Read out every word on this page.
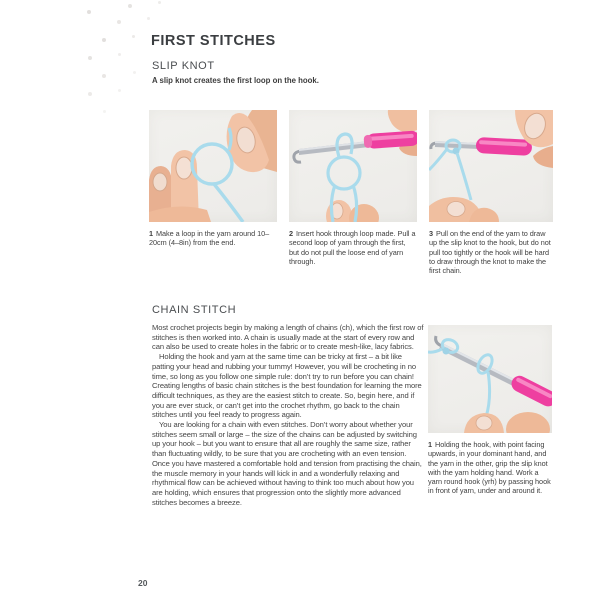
FIRST STITCHES
SLIP KNOT

A slip knot creates the first loop on the hook.

1 Make a loop in the yarn around 10–20cm (4–8in) from the end.
2 Insert hook through loop made. Pull a second loop of yarn through the first, but do not pull the loose end of yarn through.
3 Pull on the end of the yarn to draw up the slip knot to the hook, but do not pull too tightly or the hook will be hard to draw through the knot to make the first chain.
CHAIN STITCH

Most crochet projects begin by making a length of chains (ch), which the first row of stitches is then worked into. A chain is usually made at the start of every row and can also be used to create holes in the fabric or to create mesh-like, lacy fabrics.

Holding the hook and yarn at the same time can be tricky at first – a bit like patting your head and rubbing your tummy! However, you will be crocheting in no time, so long as you follow one simple rule: don’t try to run before you can chain! Creating lengths of basic chain stitches is the best foundation for learning the more difficult techniques, as they are the easiest stitch to create. So, begin here, and if you are ever stuck, or can’t get into the crochet rhythm, go back to the chain stitches until you feel ready to progress again.

You are looking for a chain with even stitches. Don’t worry about whether your stitches seem small or large – the size of the chains can be adjusted by switching up your hook – but you want to ensure that all are roughly the same size, rather than fluctuating wildly, to be sure that you are crocheting with an even tension. Once you have mastered a comfortable hold and tension from practising the chain, the muscle memory in your hands will kick in and a wonderfully relaxing and rhythmical flow can be achieved without having to think too much about how you are holding, which ensures that progression onto the slightly more advanced stitches becomes a breeze.

1 Holding the hook, with point facing upwards, in your dominant hand, and the yarn in the other, grip the slip knot with the yarn holding hand. Work a yarn round hook (yrh) by passing hook in front of yarn, under and around it.
20
